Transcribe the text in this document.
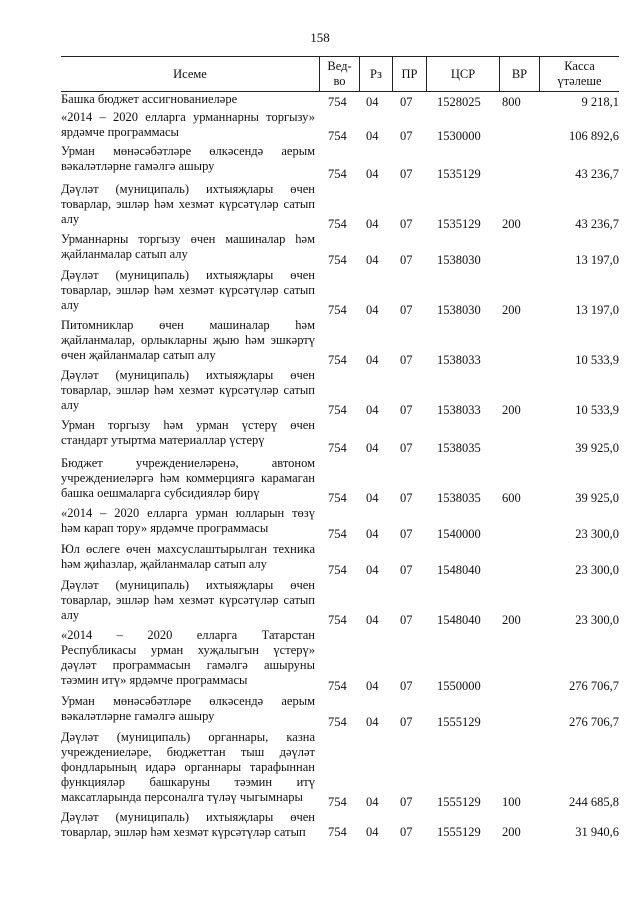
158
Исеме
Вед-
во
Рз	ПР	ЦСР	ВР
Касса
үтәлеше
Башка бюджет ассигнованиеләре	754 04 07 1528025 800	9 218,1
«2014 – 2020 елларга урманнарны торгызу»
ярдәмче программасы	754 04 07 1530000	106 892,6
Урман мөнәсәбәтләре өлкәсендә аерым
вәкаләтләрне гамәлгә ашыру
754 04 07 1535129	43 236,7
Дәүләт (муниципаль) ихтыяҗлары өчен
товарлар, эшләр һәм хезмәт күрсәтүләр сатып
алу	754 04 07 1535129 200	43 236,7
Урманнарны торгызу өчен машиналар һәм
җайланмалар сатып алу	754 04 07 1538030	13 197,0
Дәүләт (муниципаль) ихтыяҗлары өчен
товарлар, эшләр һәм хезмәт күрсәтүләр сатып
алу	754 04 07 1538030 200	13 197,0
Питомниклар өчен машиналар һәм
җайланмалар, орлыкларны җыю һәм эшкәртү
өчен җайланмалар сатып алу	754 04 07 1538033	10 533,9
Дәүләт (муниципаль) ихтыяҗлары өчен
товарлар, эшләр һәм хезмәт күрсәтүләр сатып
алу	754 04 07 1538033 200	10 533,9
Урман торгызу һәм урман үстерү өчен
стандарт утыртма материаллар үстерү
754 04 07 1538035	39 925,0
Бюджет учреждениеләренә, автоном
учреждениеләргә һәм коммерциягә карамаган
башка оешмаларга субсидияләр бирү	754 04 07 1538035 600	39 925,0
«2014 – 2020 елларга урман юлларын төзү
һәм карап тору» ярдәмче программасы	754 04 07 1540000	23 300,0
Юл өслеге өчен махсуслаштырылган техника
һәм җиһазлар, җайланмалар сатып алу	754 04 07 1548040	23 300,0
Дәүләт (муниципаль) ихтыяҗлары өчен
товарлар, эшләр һәм хезмәт күрсәтүләр сатып
алу	754 04 07 1548040 200	23 300,0
«2014 – 2020 елларга Татарстан
Республикасы урман хуҗалыгын үстерү»
дәүләт программасын гамәлгә ашыруны
тәэмин итү» ярдәмче программасы	754 04 07 1550000	276 706,7
Урман мөнәсәбәтләре өлкәсендә аерым
вәкаләтләрне гамәлгә ашыру	754 04 07 1555129	276 706,7
Дәүләт (муниципаль) органнары, казна
учреждениеләре, бюджеттан тыш дәүләт
фондларының идарә органнары тарафыннан
функцияләр башкаруны тәэмин итү
максатларында персоналга түләү чыгымнары	754 04 07 1555129 100	244 685,8
Дәүләт (муниципаль) ихтыяҗлары өчен
товарлар, эшләр һәм хезмәт күрсәтүләр сатып	754 04 07 1555129 200	31 940,6
